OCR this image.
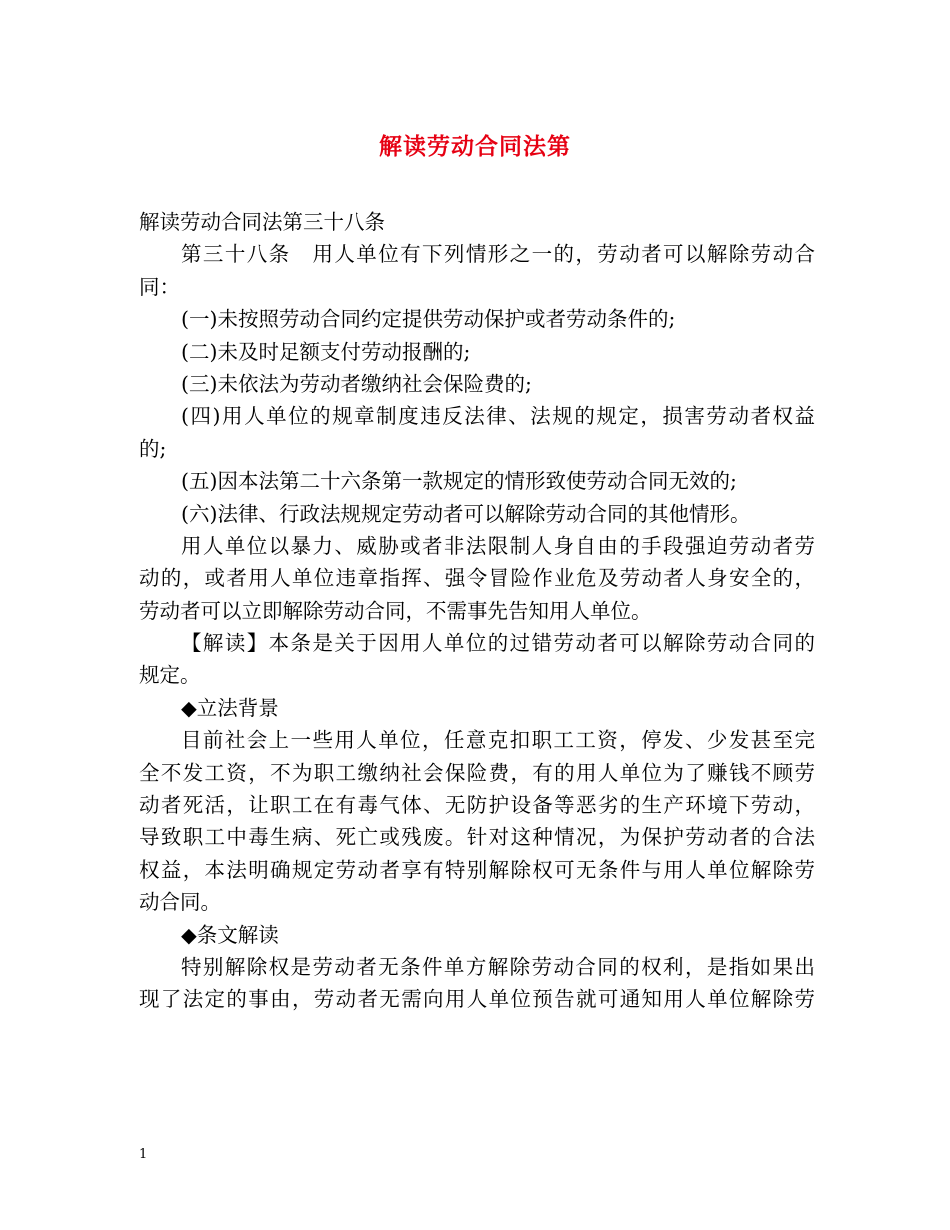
解读劳动合同法第

解读劳动合同法第三十八条

第三十八条　用人单位有下列情形之一的，劳动者可以解除劳动合

同：

(一)未按照劳动合同约定提供劳动保护或者劳动条件的;

(二)未及时足额支付劳动报酬的;

(三)未依法为劳动者缴纳社会保险费的;

(四)用人单位的规章制度违反法律、法规的规定，损害劳动者权益

的;

(五)因本法第二十六条第一款规定的情形致使劳动合同无效的;

(六)法律、行政法规规定劳动者可以解除劳动合同的其他情形。

用人单位以暴力、威胁或者非法限制人身自由的手段强迫劳动者劳

动的，或者用人单位违章指挥、强令冒险作业危及劳动者人身安全的，

劳动者可以立即解除劳动合同，不需事先告知用人单位。

【解读】本条是关于因用人单位的过错劳动者可以解除劳动合同的

规定。

◆立法背景

目前社会上一些用人单位，任意克扣职工工资，停发、少发甚至完

全不发工资，不为职工缴纳社会保险费，有的用人单位为了赚钱不顾劳

动者死活，让职工在有毒气体、无防护设备等恶劣的生产环境下劳动，

导致职工中毒生病、死亡或残废。针对这种情况，为保护劳动者的合法

权益，本法明确规定劳动者享有特别解除权可无条件与用人单位解除劳

动合同。

◆条文解读

特别解除权是劳动者无条件单方解除劳动合同的权利，是指如果出

现了法定的事由，劳动者无需向用人单位预告就可通知用人单位解除劳

1
